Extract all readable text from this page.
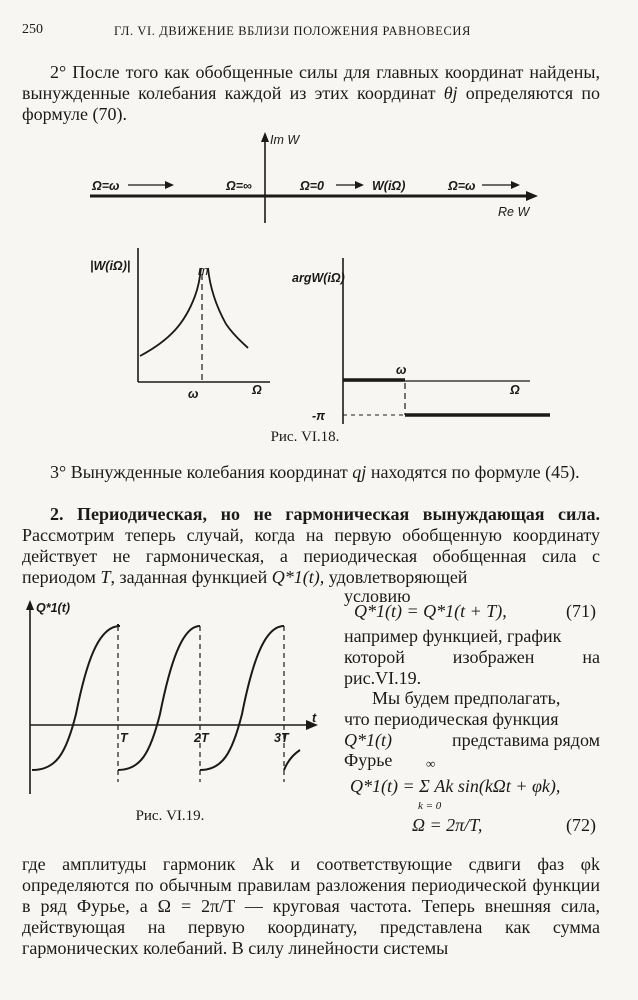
250	ГЛ. VI. ДВИЖЕНИЕ ВБЛИЗИ ПОЛОЖЕНИЯ РАВНОВЕСИЯ
2° После того как обобщенные силы для главных координат найдены, вынужденные колебания каждой из этих координат θj определяются по формуле (70).
Im W
Re W
Ω=ω	Ω=∞	Ω=0	W(iΩ)	Ω=ω
|W(iΩ)|	т
ω	Ω
argW(iΩ)
ω
Ω
-π
Рис. VI.18.
3° Вынужденные колебания координат qj находятся по формуле (45).
2. Периодическая, но не гармоническая вынуждающая сила. Рассмотрим теперь случай, когда на первую обобщенную координату действует не гармоническая, а периодическая обобщенная сила с периодом T, заданная функцией Q*1(t), удовлетворяющей
условию
Q*1(t) = Q*1(t + T),	(71)
например функцией, график
которой изображен на
рис.VI.19.
Мы будем предполагать,
что периодическая функция
Q*1(t)	представима рядом
Фурье	∞
Q*1(t) = Σ Ak sin(kΩt + φk),
k = 0
Ω = 2π/T,	(72)
Q*1(t)
t
T	2T	3T
Рис. VI.19.
где амплитуды гармоник Ak и соответствующие сдвиги фаз φk определяются по обычным правилам разложения периодической функции в ряд Фурье, а Ω = 2π/T — круговая частота. Теперь внешняя сила, действующая на первую координату, представлена как сумма гармонических колебаний. В силу линейности системы
